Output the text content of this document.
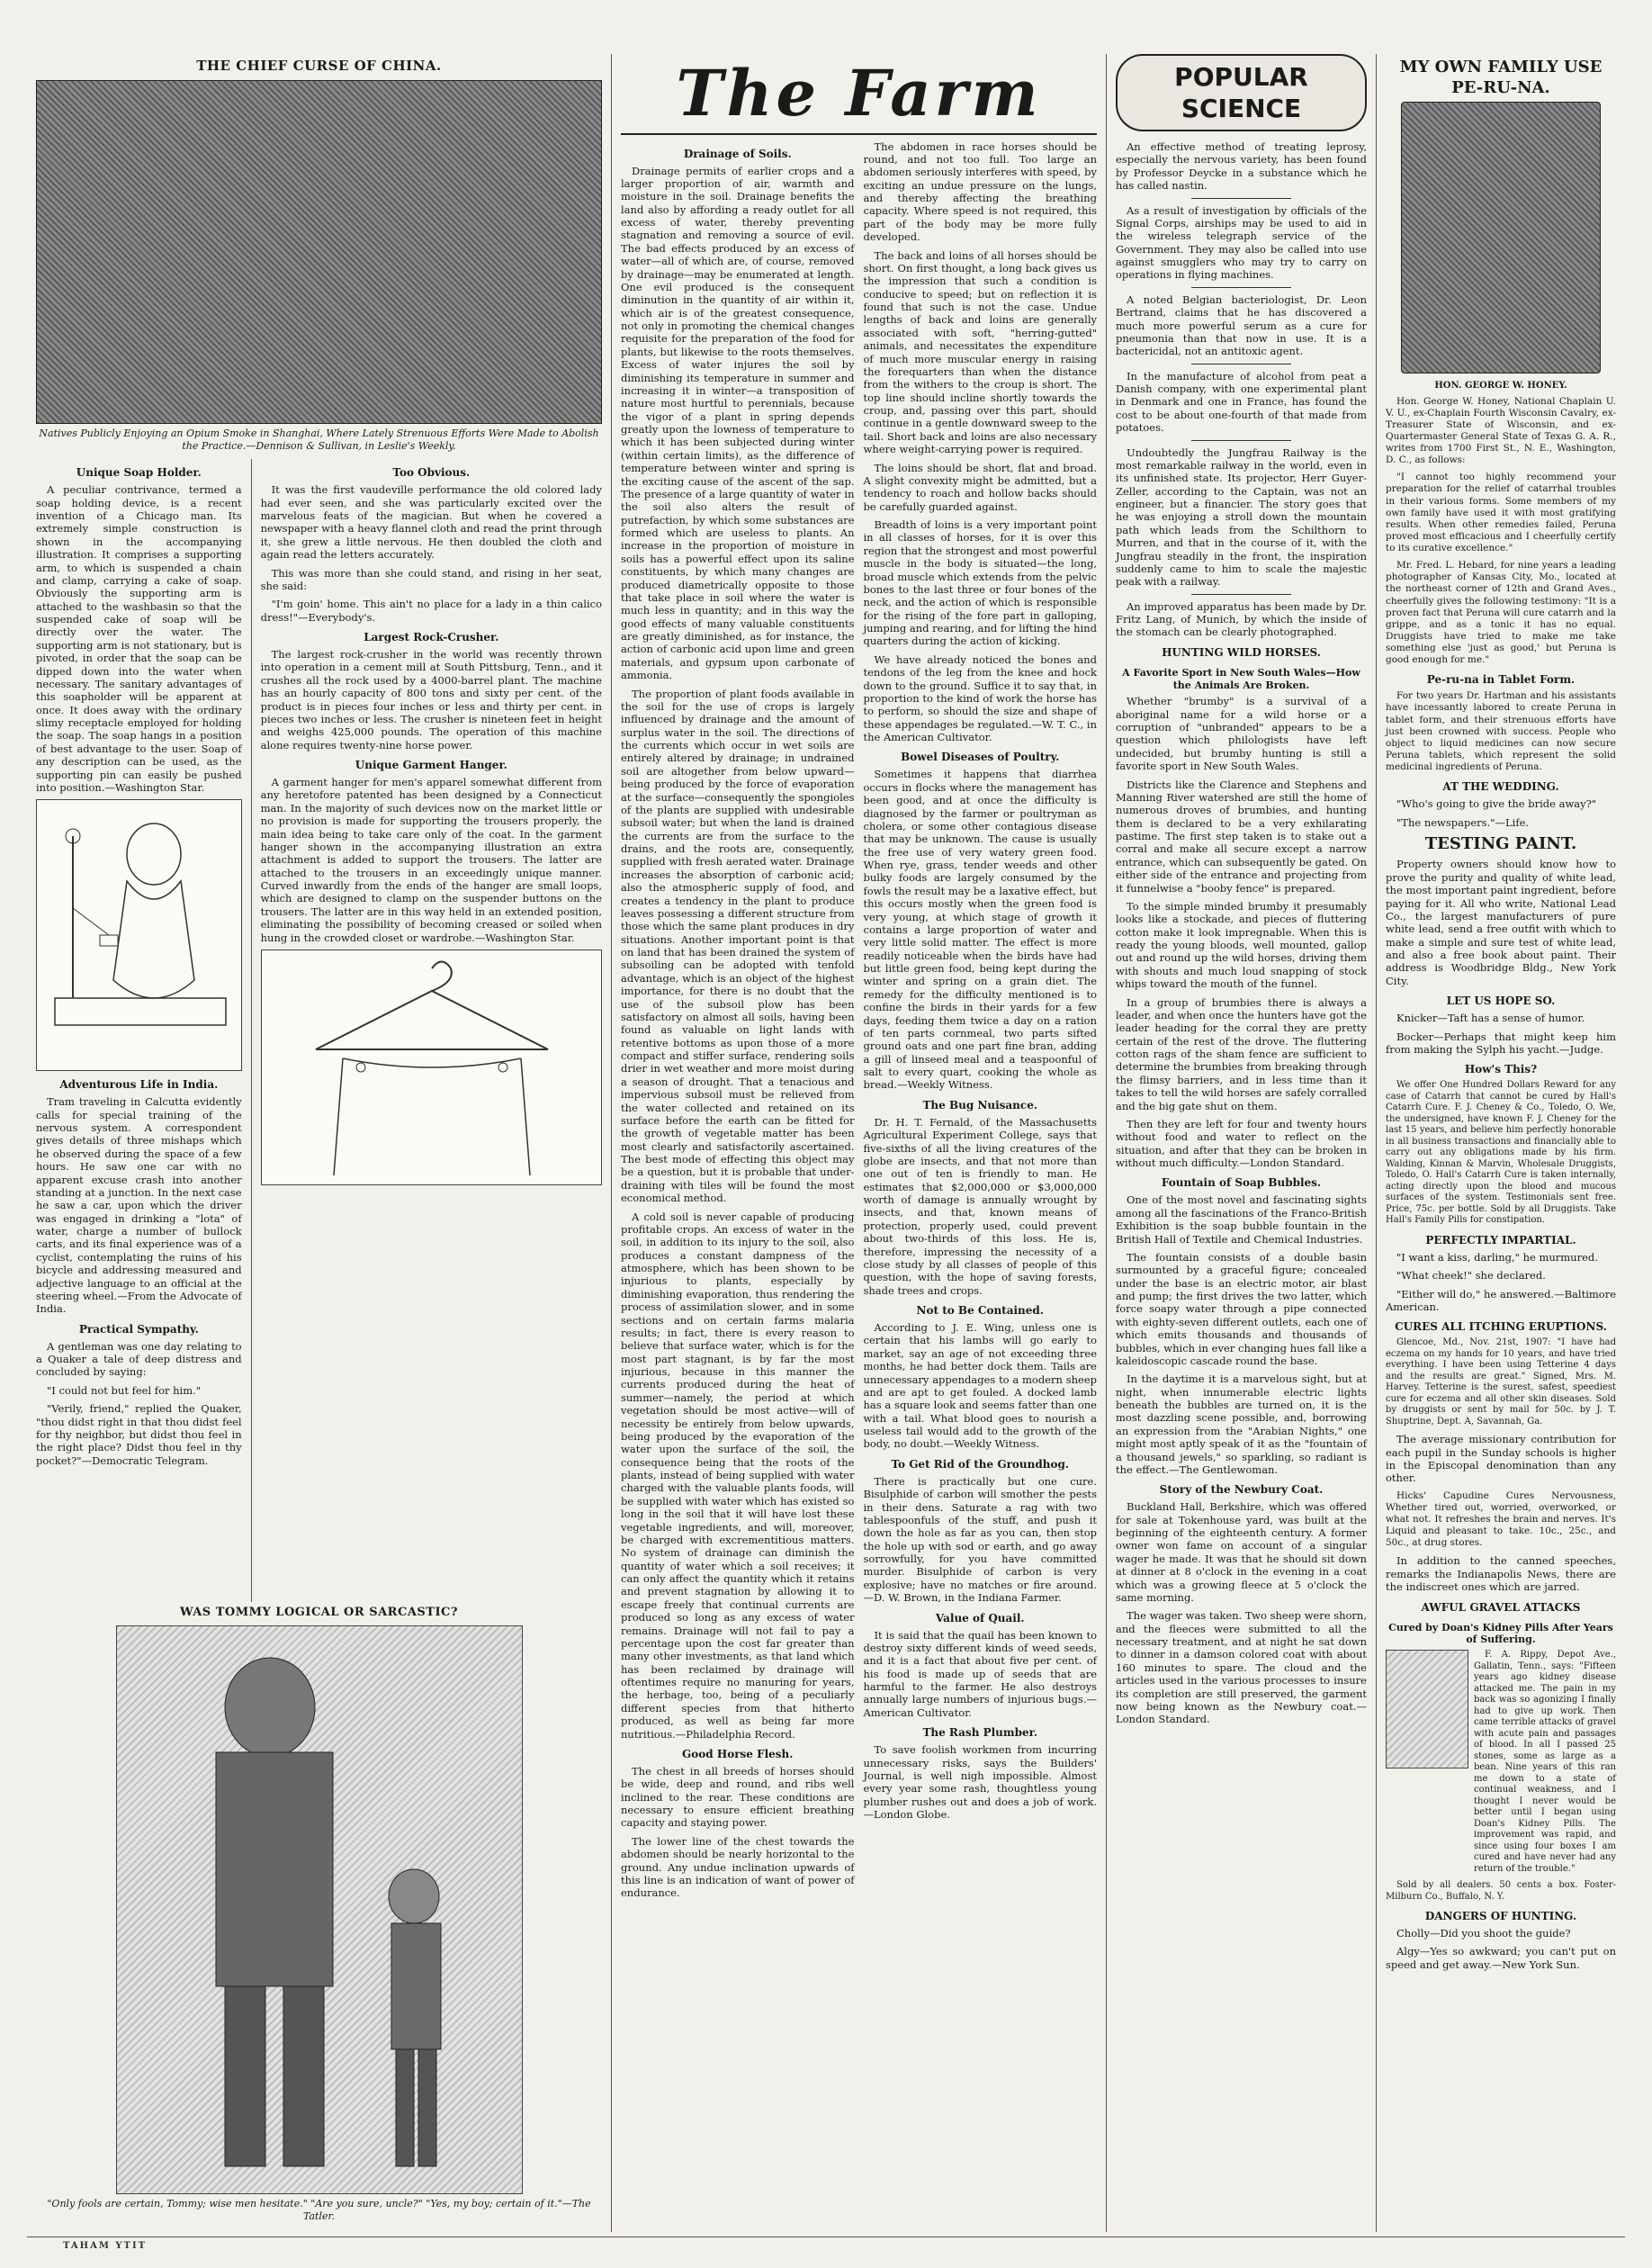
THE CHIEF CURSE OF CHINA.
Natives Publicly Enjoying an Opium Smoke in Shanghai, Where Lately Strenuous Efforts Were Made to Abolish the Practice.—Dennison & Sullivan, in Leslie's Weekly.
Unique Soap Holder.

A peculiar contrivance, termed a soap holding device, is a recent invention of a Chicago man. Its extremely simple construction is shown in the accompanying illustration. It comprises a supporting arm, to which is suspended a chain and clamp, carrying a cake of soap. Obviously the supporting arm is attached to the washbasin so that the suspended cake of soap will be directly over the water. The supporting arm is not stationary, but is pivoted, in order that the soap can be dipped down into the water when necessary. The sanitary advantages of this soapholder will be apparent at once. It does away with the ordinary slimy receptacle employed for holding the soap. The soap hangs in a position of best advantage to the user. Soap of any description can be used, as the supporting pin can easily be pushed into position.—Washington Star.

Adventurous Life in India.

Tram traveling in Calcutta evidently calls for special training of the nervous system. A correspondent gives details of three mishaps which he observed during the space of a few hours. He saw one car with no apparent excuse crash into another standing at a junction. In the next case he saw a car, upon which the driver was engaged in drinking a "lota" of water, charge a number of bullock carts, and its final experience was of a cyclist, contemplating the ruins of his bicycle and addressing measured and adjective language to an official at the steering wheel.—From the Advocate of India.

Practical Sympathy.

A gentleman was one day relating to a Quaker a tale of deep distress and concluded by saying:

"I could not but feel for him."

"Verily, friend," replied the Quaker, "thou didst right in that thou didst feel for thy neighbor, but didst thou feel in the right place? Didst thou feel in thy pocket?"—Democratic Telegram.

Too Obvious.

It was the first vaudeville performance the old colored lady had ever seen, and she was particularly excited over the marvelous feats of the magician. But when he covered a newspaper with a heavy flannel cloth and read the print through it, she grew a little nervous. He then doubled the cloth and again read the letters accurately.

This was more than she could stand, and rising in her seat, she said:

"I'm goin' home. This ain't no place for a lady in a thin calico dress!"—Everybody's.

Largest Rock-Crusher.

The largest rock-crusher in the world was recently thrown into operation in a cement mill at South Pittsburg, Tenn., and it crushes all the rock used by a 4000-barrel plant. The machine has an hourly capacity of 800 tons and sixty per cent. of the product is in pieces four inches or less and thirty per cent. in pieces two inches or less. The crusher is nineteen feet in height and weighs 425,000 pounds. The operation of this machine alone requires twenty-nine horse power.

Unique Garment Hanger.

A garment hanger for men's apparel somewhat different from any heretofore patented has been designed by a Connecticut man. In the majority of such devices now on the market little or no provision is made for supporting the trousers properly, the main idea being to take care only of the coat. In the garment hanger shown in the accompanying illustration an extra attachment is added to support the trousers. The latter are attached to the trousers in an exceedingly unique manner. Curved inwardly from the ends of the hanger are small loops, which are designed to clamp on the suspender buttons on the trousers. The latter are in this way held in an extended position, eliminating the possibility of becoming creased or soiled when hung in the crowded closet or wardrobe.—Washington Star.

WAS TOMMY LOGICAL OR SARCASTIC?
"Only fools are certain, Tommy; wise men hesitate." "Are you sure, uncle?" "Yes, my boy; certain of it."—The Tatler.
The Farm
Drainage of Soils.

Drainage permits of earlier crops and a larger proportion of air, warmth and moisture in the soil. Drainage benefits the land also by affording a ready outlet for all excess of water, thereby preventing stagnation and removing a source of evil. The bad effects produced by an excess of water—all of which are, of course, removed by drainage—may be enumerated at length. One evil produced is the consequent diminution in the quantity of air within it, which air is of the greatest consequence, not only in promoting the chemical changes requisite for the preparation of the food for plants, but likewise to the roots themselves. Excess of water injures the soil by diminishing its temperature in summer and increasing it in winter—a transposition of nature most hurtful to perennials, because the vigor of a plant in spring depends greatly upon the lowness of temperature to which it has been subjected during winter (within certain limits), as the difference of temperature between winter and spring is the exciting cause of the ascent of the sap. The presence of a large quantity of water in the soil also alters the result of putrefaction, by which some substances are formed which are useless to plants. An increase in the proportion of moisture in soils has a powerful effect upon its saline constituents, by which many changes are produced diametrically opposite to those that take place in soil where the water is much less in quantity; and in this way the good effects of many valuable constituents are greatly diminished, as for instance, the action of carbonic acid upon lime and green materials, and gypsum upon carbonate of ammonia.

The proportion of plant foods available in the soil for the use of crops is largely influenced by drainage and the amount of surplus water in the soil. The directions of the currents which occur in wet soils are entirely altered by drainage; in undrained soil are altogether from below upward—being produced by the force of evaporation at the surface—consequently the spongioles of the plants are supplied with undesirable subsoil water; but when the land is drained the currents are from the surface to the drains, and the roots are, consequently, supplied with fresh aerated water. Drainage increases the absorption of carbonic acid; also the atmospheric supply of food, and creates a tendency in the plant to produce leaves possessing a different structure from those which the same plant produces in dry situations. Another important point is that on land that has been drained the system of subsoiling can be adopted with tenfold advantage, which is an object of the highest importance, for there is no doubt that the use of the subsoil plow has been satisfactory on almost all soils, having been found as valuable on light lands with retentive bottoms as upon those of a more compact and stiffer surface, rendering soils drier in wet weather and more moist during a season of drought. That a tenacious and impervious subsoil must be relieved from the water collected and retained on its surface before the earth can be fitted for the growth of vegetable matter has been most clearly and satisfactorily ascertained. The best mode of effecting this object may be a question, but it is probable that under-draining with tiles will be found the most economical method.

A cold soil is never capable of producing profitable crops. An excess of water in the soil, in addition to its injury to the soil, also produces a constant dampness of the atmosphere, which has been shown to be injurious to plants, especially by diminishing evaporation, thus rendering the process of assimilation slower, and in some sections and on certain farms malaria results; in fact, there is every reason to believe that surface water, which is for the most part stagnant, is by far the most injurious, because in this manner the currents produced during the heat of summer—namely, the period at which vegetation should be most active—will of necessity be entirely from below upwards, being produced by the evaporation of the water upon the surface of the soil, the consequence being that the roots of the plants, instead of being supplied with water charged with the valuable plants foods, will be supplied with water which has existed so long in the soil that it will have lost these vegetable ingredients, and will, moreover, be charged with excrementitious matters. No system of drainage can diminish the quantity of water which a soil receives; it can only affect the quantity which it retains and prevent stagnation by allowing it to escape freely that continual currents are produced so long as any excess of water remains. Drainage will not fail to pay a percentage upon the cost far greater than many other investments, as that land which has been reclaimed by drainage will oftentimes require no manuring for years, the herbage, too, being of a peculiarly different species from that hitherto produced, as well as being far more nutritious.—Philadelphia Record.

Good Horse Flesh.

The chest in all breeds of horses should be wide, deep and round, and ribs well inclined to the rear. These conditions are necessary to ensure efficient breathing capacity and staying power.

The lower line of the chest towards the abdomen should be nearly horizontal to the ground. Any undue inclination upwards of this line is an indication of want of power of endurance.

The abdomen in race horses should be round, and not too full. Too large an abdomen seriously interferes with speed, by exciting an undue pressure on the lungs, and thereby affecting the breathing capacity. Where speed is not required, this part of the body may be more fully developed.

The back and loins of all horses should be short. On first thought, a long back gives us the impression that such a condition is conducive to speed; but on reflection it is found that such is not the case. Undue lengths of back and loins are generally associated with soft, "herring-gutted" animals, and necessitates the expenditure of much more muscular energy in raising the forequarters than when the distance from the withers to the croup is short. The top line should incline shortly towards the croup, and, passing over this part, should continue in a gentle downward sweep to the tail. Short back and loins are also necessary where weight-carrying power is required.

The loins should be short, flat and broad. A slight convexity might be admitted, but a tendency to roach and hollow backs should be carefully guarded against.

Breadth of loins is a very important point in all classes of horses, for it is over this region that the strongest and most powerful muscle in the body is situated—the long, broad muscle which extends from the pelvic bones to the last three or four bones of the neck, and the action of which is responsible for the rising of the fore part in galloping, jumping and rearing, and for lifting the hind quarters during the action of kicking.

We have already noticed the bones and tendons of the leg from the knee and hock down to the ground. Suffice it to say that, in proportion to the kind of work the horse has to perform, so should the size and shape of these appendages be regulated.—W. T. C., in the American Cultivator.

Bowel Diseases of Poultry.

Sometimes it happens that diarrhea occurs in flocks where the management has been good, and at once the difficulty is diagnosed by the farmer or poultryman as cholera, or some other contagious disease that may be unknown. The cause is usually the free use of very watery green food. When rye, grass, tender weeds and other bulky foods are largely consumed by the fowls the result may be a laxative effect, but this occurs mostly when the green food is very young, at which stage of growth it contains a large proportion of water and very little solid matter. The effect is more readily noticeable when the birds have had but little green food, being kept during the winter and spring on a grain diet. The remedy for the difficulty mentioned is to confine the birds in their yards for a few days, feeding them twice a day on a ration of ten parts cornmeal, two parts sifted ground oats and one part fine bran, adding a gill of linseed meal and a teaspoonful of salt to every quart, cooking the whole as bread.—Weekly Witness.

The Bug Nuisance.

Dr. H. T. Fernald, of the Massachusetts Agricultural Experiment College, says that five-sixths of all the living creatures of the globe are insects, and that not more than one out of ten is friendly to man. He estimates that $2,000,000 or $3,000,000 worth of damage is annually wrought by insects, and that, known means of protection, properly used, could prevent about two-thirds of this loss. He is, therefore, impressing the necessity of a close study by all classes of people of this question, with the hope of saving forests, shade trees and crops.

Not to Be Contained.

According to J. E. Wing, unless one is certain that his lambs will go early to market, say an age of not exceeding three months, he had better dock them. Tails are unnecessary appendages to a modern sheep and are apt to get fouled. A docked lamb has a square look and seems fatter than one with a tail. What blood goes to nourish a useless tail would add to the growth of the body, no doubt.—Weekly Witness.

To Get Rid of the Groundhog.

There is practically but one cure. Bisulphide of carbon will smother the pests in their dens. Saturate a rag with two tablespoonfuls of the stuff, and push it down the hole as far as you can, then stop the hole up with sod or earth, and go away sorrowfully, for you have committed murder. Bisulphide of carbon is very explosive; have no matches or fire around.—D. W. Brown, in the Indiana Farmer.

Value of Quail.

It is said that the quail has been known to destroy sixty different kinds of weed seeds, and it is a fact that about five per cent. of his food is made up of seeds that are harmful to the farmer. He also destroys annually large numbers of injurious bugs.—American Cultivator.

The Rash Plumber.

To save foolish workmen from incurring unnecessary risks, says the Builders' Journal, is well nigh impossible. Almost every year some rash, thoughtless young plumber rushes out and does a job of work.—London Globe.

POPULAR SCIENCE

An effective method of treating leprosy, especially the nervous variety, has been found by Professor Deycke in a substance which he has called nastin.

As a result of investigation by officials of the Signal Corps, airships may be used to aid in the wireless telegraph service of the Government. They may also be called into use against smugglers who may try to carry on operations in flying machines.

A noted Belgian bacteriologist, Dr. Leon Bertrand, claims that he has discovered a much more powerful serum as a cure for pneumonia than that now in use. It is a bactericidal, not an antitoxic agent.

In the manufacture of alcohol from peat a Danish company, with one experimental plant in Denmark and one in France, has found the cost to be about one-fourth of that made from potatoes.

Undoubtedly the Jungfrau Railway is the most remarkable railway in the world, even in its unfinished state. Its projector, Herr Guyer-Zeller, according to the Captain, was not an engineer, but a financier. The story goes that he was enjoying a stroll down the mountain path which leads from the Schilthorn to Murren, and that in the course of it, with the Jungfrau steadily in the front, the inspiration suddenly came to him to scale the majestic peak with a railway.

An improved apparatus has been made by Dr. Fritz Lang, of Munich, by which the inside of the stomach can be clearly photographed.

HUNTING WILD HORSES.
A Favorite Sport in New South Wales—How the Animals Are Broken.

Whether "brumby" is a survival of a aboriginal name for a wild horse or a corruption of "unbranded" appears to be a question which philologists have left undecided, but brumby hunting is still a favorite sport in New South Wales.

Districts like the Clarence and Stephens and Manning River watershed are still the home of numerous droves of brumbies, and hunting them is declared to be a very exhilarating pastime. The first step taken is to stake out a corral and make all secure except a narrow entrance, which can subsequently be gated. On either side of the entrance and projecting from it funnelwise a "booby fence" is prepared.

To the simple minded brumby it presumably looks like a stockade, and pieces of fluttering cotton make it look impregnable. When this is ready the young bloods, well mounted, gallop out and round up the wild horses, driving them with shouts and much loud snapping of stock whips toward the mouth of the funnel.

In a group of brumbies there is always a leader, and when once the hunters have got the leader heading for the corral they are pretty certain of the rest of the drove. The fluttering cotton rags of the sham fence are sufficient to determine the brumbies from breaking through the flimsy barriers, and in less time than it takes to tell the wild horses are safely corralled and the big gate shut on them.

Then they are left for four and twenty hours without food and water to reflect on the situation, and after that they can be broken in without much difficulty.—London Standard.

Fountain of Soap Bubbles.

One of the most novel and fascinating sights among all the fascinations of the Franco-British Exhibition is the soap bubble fountain in the British Hall of Textile and Chemical Industries.

The fountain consists of a double basin surmounted by a graceful figure; concealed under the base is an electric motor, air blast and pump; the first drives the two latter, which force soapy water through a pipe connected with eighty-seven different outlets, each one of which emits thousands and thousands of bubbles, which in ever changing hues fall like a kaleidoscopic cascade round the base.

In the daytime it is a marvelous sight, but at night, when innumerable electric lights beneath the bubbles are turned on, it is the most dazzling scene possible, and, borrowing an expression from the "Arabian Nights," one might most aptly speak of it as the "fountain of a thousand jewels," so sparkling, so radiant is the effect.—The Gentlewoman.

Story of the Newbury Coat.

Buckland Hall, Berkshire, which was offered for sale at Tokenhouse yard, was built at the beginning of the eighteenth century. A former owner won fame on account of a singular wager he made. It was that he should sit down at dinner at 8 o'clock in the evening in a coat which was a growing fleece at 5 o'clock the same morning.

The wager was taken. Two sheep were shorn, and the fleeces were submitted to all the necessary treatment, and at night he sat down to dinner in a damson colored coat with about 160 minutes to spare. The cloud and the articles used in the various processes to insure its completion are still preserved, the garment now being known as the Newbury coat.—London Standard.

MY OWN FAMILY USE PE-RU-NA.
HON. GEORGE W. HONEY.

Hon. George W. Honey, National Chaplain U. V. U., ex-Chaplain Fourth Wisconsin Cavalry, ex-Treasurer State of Wisconsin, and ex-Quartermaster General State of Texas G. A. R., writes from 1700 First St., N. E., Washington, D. C., as follows:

"I cannot too highly recommend your preparation for the relief of catarrhal troubles in their various forms. Some members of my own family have used it with most gratifying results. When other remedies failed, Peruna proved most efficacious and I cheerfully certify to its curative excellence."

Mr. Fred. L. Hebard, for nine years a leading photographer of Kansas City, Mo., located at the northeast corner of 12th and Grand Aves., cheerfully gives the following testimony: "It is a proven fact that Peruna will cure catarrh and la grippe, and as a tonic it has no equal. Druggists have tried to make me take something else 'just as good,' but Peruna is good enough for me."

Pe-ru-na in Tablet Form.

For two years Dr. Hartman and his assistants have incessantly labored to create Peruna in tablet form, and their strenuous efforts have just been crowned with success. People who object to liquid medicines can now secure Peruna tablets, which represent the solid medicinal ingredients of Peruna.

AT THE WEDDING.

"Who's going to give the bride away?"

"The newspapers."—Life.

TESTING PAINT.

Property owners should know how to prove the purity and quality of white lead, the most important paint ingredient, before paying for it. All who write, National Lead Co., the largest manufacturers of pure white lead, send a free outfit with which to make a simple and sure test of white lead, and also a free book about paint. Their address is Woodbridge Bldg., New York City.

LET US HOPE SO.

Knicker—Taft has a sense of humor.

Bocker—Perhaps that might keep him from making the Sylph his yacht.—Judge.

How's This?

We offer One Hundred Dollars Reward for any case of Catarrh that cannot be cured by Hall's Catarrh Cure. F. J. Cheney & Co., Toledo, O. We, the undersigned, have known F. J. Cheney for the last 15 years, and believe him perfectly honorable in all business transactions and financially able to carry out any obligations made by his firm. Walding, Kinnan & Marvin, Wholesale Druggists, Toledo, O. Hall's Catarrh Cure is taken internally, acting directly upon the blood and mucous surfaces of the system. Testimonials sent free. Price, 75c. per bottle. Sold by all Druggists. Take Hall's Family Pills for constipation.

PERFECTLY IMPARTIAL.

"I want a kiss, darling," he murmured.

"What cheek!" she declared.

"Either will do," he answered.—Baltimore American.

CURES ALL ITCHING ERUPTIONS.

Glencoe, Md., Nov. 21st, 1907: "I have had eczema on my hands for 10 years, and have tried everything. I have been using Tetterine 4 days and the results are great." Signed, Mrs. M. Harvey. Tetterine is the surest, safest, speediest cure for eczema and all other skin diseases. Sold by druggists or sent by mail for 50c. by J. T. Shuptrine, Dept. A, Savannah, Ga.

The average missionary contribution for each pupil in the Sunday schools is higher in the Episcopal denomination than any other.

Hicks' Capudine Cures Nervousness, Whether tired out, worried, overworked, or what not. It refreshes the brain and nerves. It's Liquid and pleasant to take. 10c., 25c., and 50c., at drug stores.

In addition to the canned speeches, remarks the Indianapolis News, there are the indiscreet ones which are jarred.

AWFUL GRAVEL ATTACKS
Cured by Doan's Kidney Pills After Years of Suffering.

F. A. Rippy, Depot Ave., Gallatin, Tenn., says: "Fifteen years ago kidney disease attacked me. The pain in my back was so agonizing I finally had to give up work. Then came terrible attacks of gravel with acute pain and passages of blood. In all I passed 25 stones, some as large as a bean. Nine years of this ran me down to a state of continual weakness, and I thought I never would be better until I began using Doan's Kidney Pills. The improvement was rapid, and since using four boxes I am cured and have never had any return of the trouble."

Sold by all dealers. 50 cents a box. Foster-Milburn Co., Buffalo, N. Y.

DANGERS OF HUNTING.

Cholly—Did you shoot the guide?

Algy—Yes so awkward; you can't put on speed and get away.—New York Sun.

TAHAM YTIT
